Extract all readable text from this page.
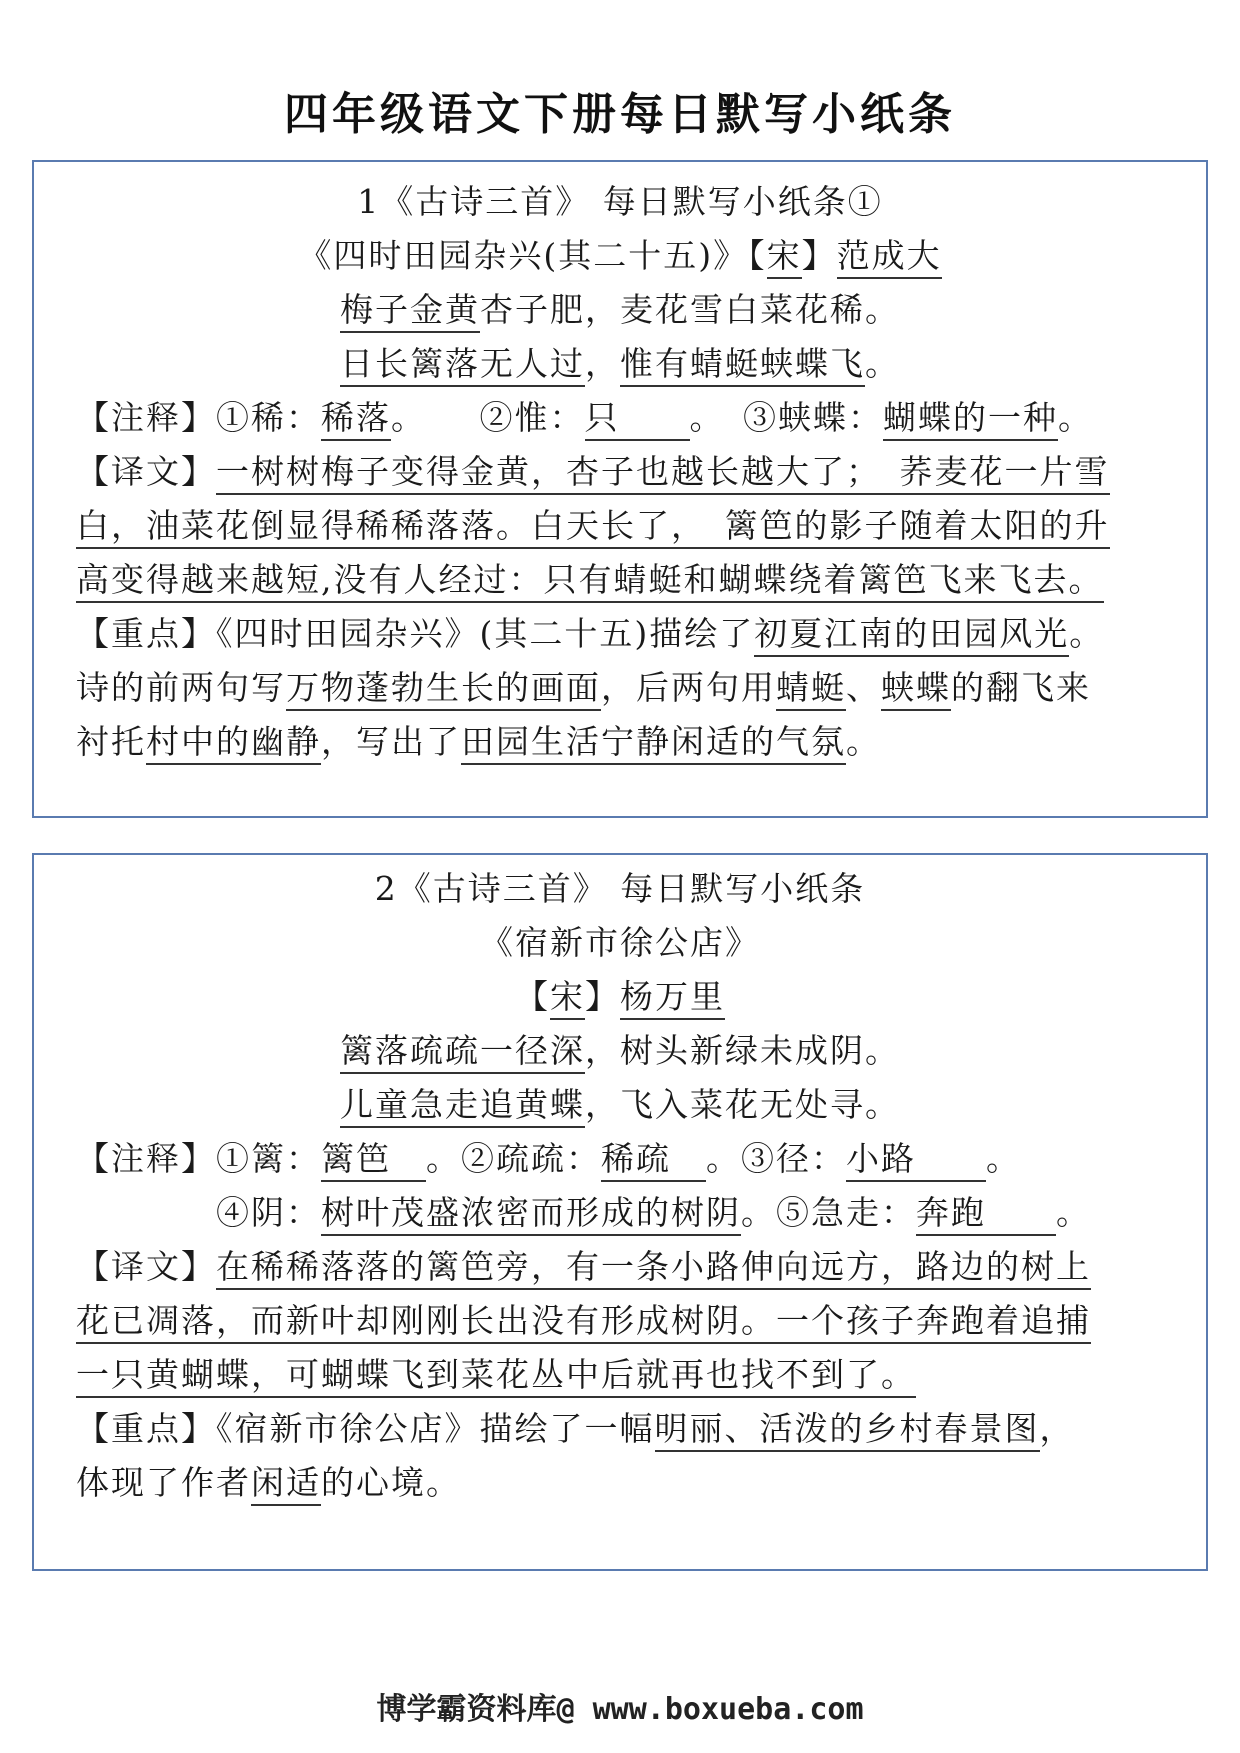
四年级语文下册每日默写小纸条
1《古诗三首》 每日默写小纸条①
《四时田园杂兴(其二十五)》【宋】范成大
梅子金黄杏子肥，麦花雪白菜花稀。
日长篱落无人过，惟有蜻蜓蛱蝶飞。
【注释】①稀：稀落。　　②惟：只　　。　③蛱蝶：蝴蝶的一种。
【译文】一树树梅子变得金黄，杏子也越长越大了；　荞麦花一片雪
白，油菜花倒显得稀稀落落。白天长了，　篱笆的影子随着太阳的升
高变得越来越短,没有人经过：只有蜻蜓和蝴蝶绕着篱笆飞来飞去。
【重点】《四时田园杂兴》(其二十五)描绘了初夏江南的田园风光。
诗的前两句写万物蓬勃生长的画面，后两句用蜻蜓、蛱蝶的翻飞来
衬托村中的幽静，写出了田园生活宁静闲适的气氛。
2《古诗三首》 每日默写小纸条
《宿新市徐公店》
【宋】杨万里
篱落疏疏一径深，树头新绿未成阴。
儿童急走追黄蝶，飞入菜花无处寻。
【注释】①篱：篱笆　。②疏疏：稀疏　。③径：小路　　。
④阴：树叶茂盛浓密而形成的树阴。⑤急走：奔跑　　。
【译文】在稀稀落落的篱笆旁，有一条小路伸向远方，路边的树上
花已凋落，而新叶却刚刚长出没有形成树阴。一个孩子奔跑着追捕
一只黄蝴蝶，可蝴蝶飞到菜花丛中后就再也找不到了。
【重点】《宿新市徐公店》描绘了一幅明丽、活泼的乡村春景图，
体现了作者闲适的心境。
博学霸资料库@ www.boxueba.com
